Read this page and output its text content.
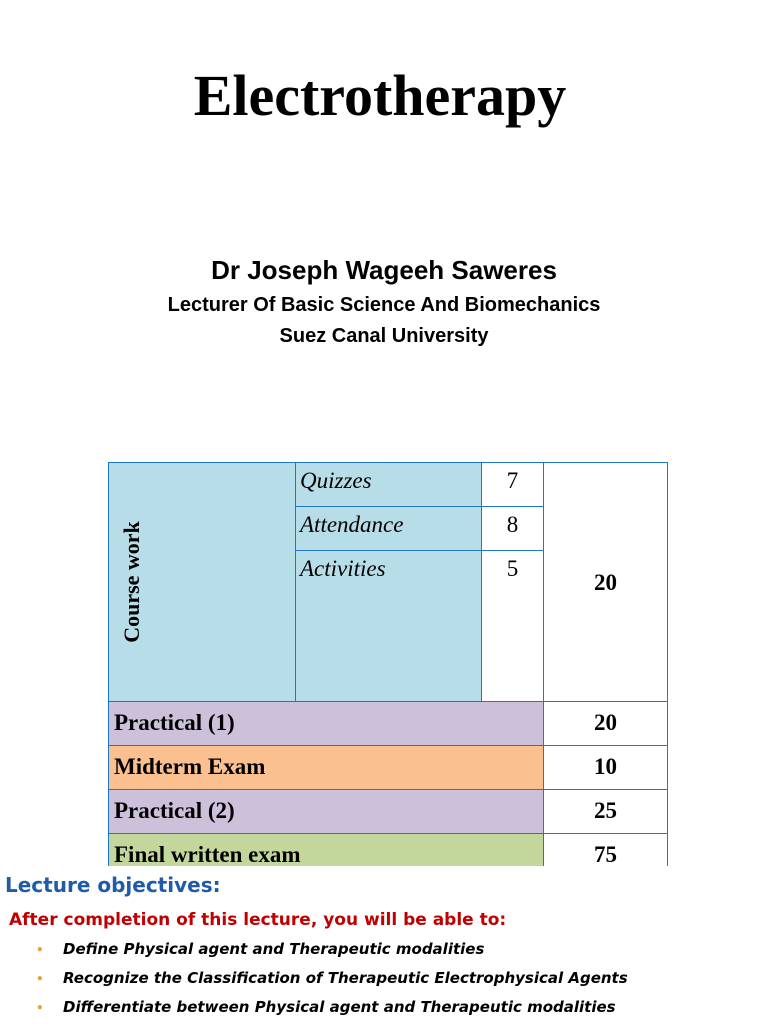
Electrotherapy
Dr Joseph Wageeh Saweres
Lecturer Of Basic Science And Biomechanics
Suez Canal University
Course work
Quizzes	7
Attendance	8
Activities	5
20
Practical (1)	20
Midterm Exam	10
Practical (2)	25
Final written exam	75
Lecture objectives:
After completion of this lecture, you will be able to:
• Define Physical agent and Therapeutic modalities
• Recognize the Classification of Therapeutic Electrophysical Agents
• Differentiate between Physical agent and Therapeutic modalities
